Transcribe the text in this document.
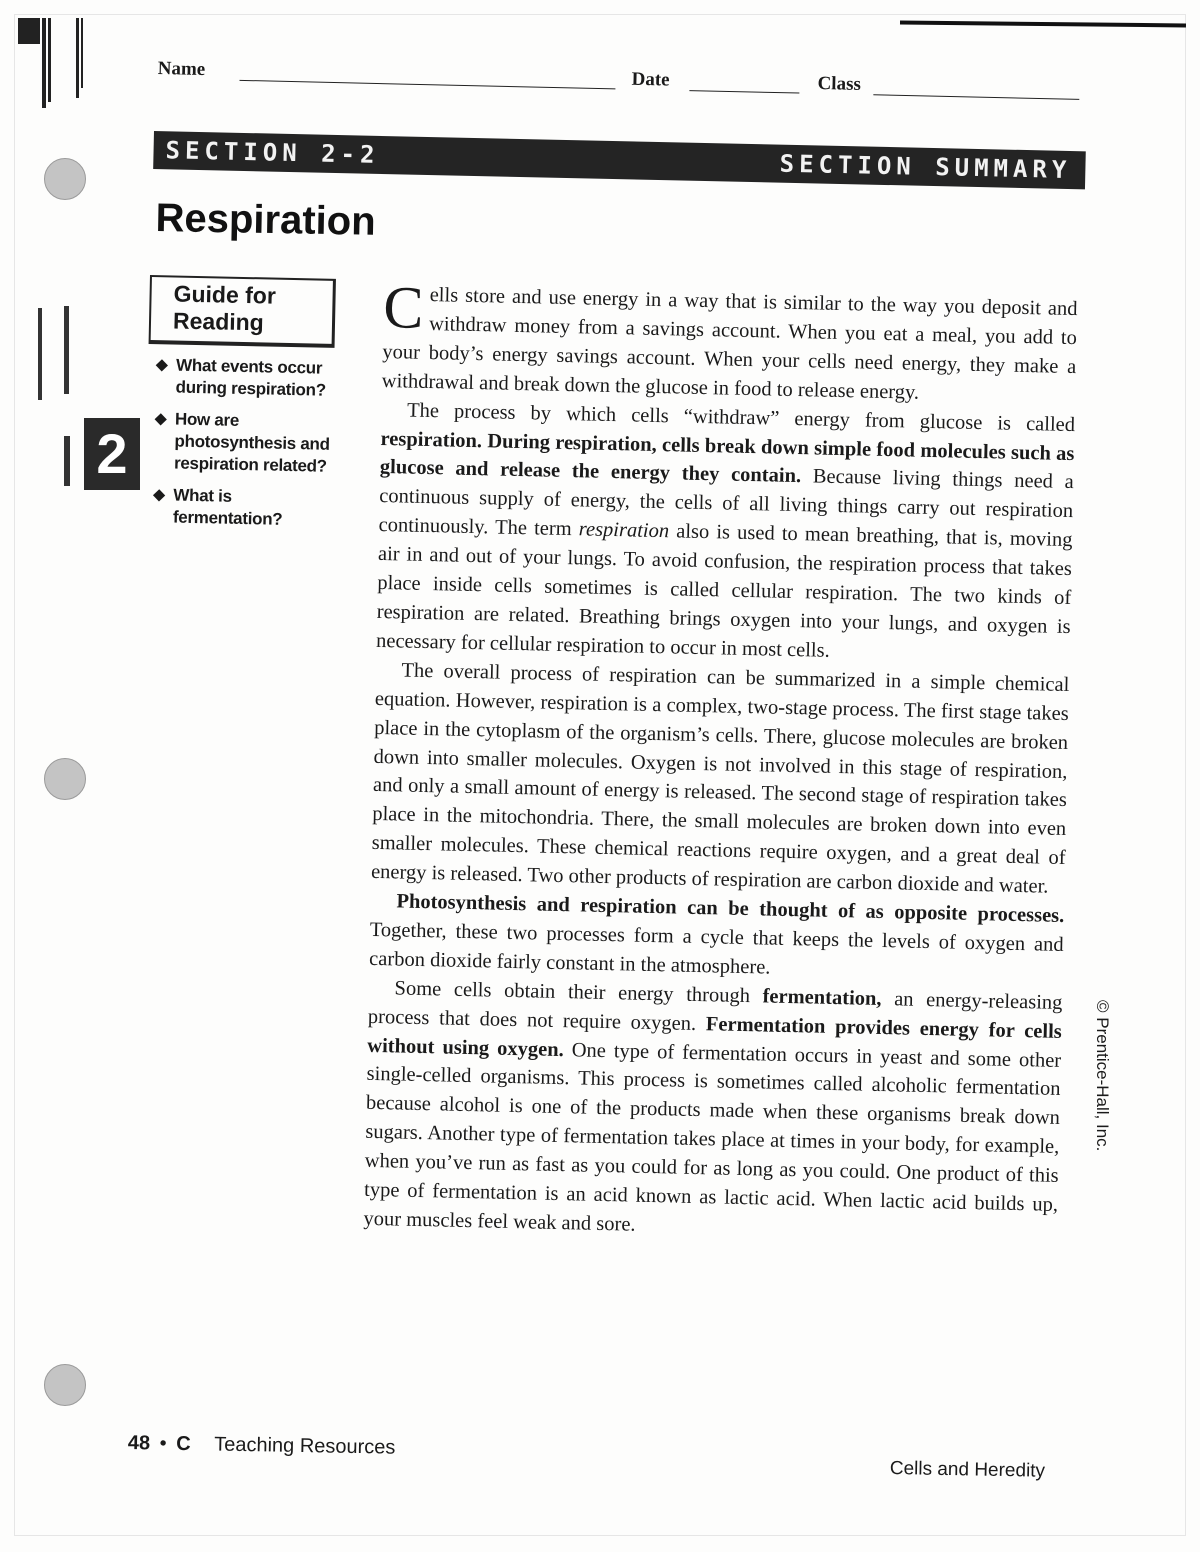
2
Name	Date	Class
SECTION 2-2	SECTION SUMMARY
Respiration
Guide for Reading
◆ What events occur during respiration?
◆ How are photosynthesis and respiration related?
◆ What is fermentation?

Cells store and use energy in a way that is similar to the way you deposit and withdraw money from a savings account. When you eat a meal, you add to your body’s energy savings account. When your cells need energy, they make a withdrawal and break down the glucose in food to release energy.

The process by which cells “withdraw” energy from glucose is called respiration. During respiration, cells break down simple food molecules such as glucose and release the energy they contain. Because living things need a continuous supply of energy, the cells of all living things carry out respiration continuously. The term respiration also is used to mean breathing, that is, moving air in and out of your lungs. To avoid confusion, the respiration process that takes place inside cells sometimes is called cellular respiration. The two kinds of respiration are related. Breathing brings oxygen into your lungs, and oxygen is necessary for cellular respiration to occur in most cells.

The overall process of respiration can be summarized in a simple chemical equation. However, respiration is a complex, two-stage process. The first stage takes place in the cytoplasm of the organism’s cells. There, glucose molecules are broken down into smaller molecules. Oxygen is not involved in this stage of respiration, and only a small amount of energy is released. The second stage of respiration takes place in the mitochondria. There, the small molecules are broken down into even smaller molecules. These chemical reactions require oxygen, and a great deal of energy is released. Two other products of respiration are carbon dioxide and water.

Photosynthesis and respiration can be thought of as opposite processes. Together, these two processes form a cycle that keeps the levels of oxygen and carbon dioxide fairly constant in the atmosphere.

Some cells obtain their energy through fermentation, an energy-releasing process that does not require oxygen. Fermentation provides energy for cells without using oxygen. One type of fermentation occurs in yeast and some other single-celled organisms. This process is sometimes called alcoholic fermentation because alcohol is one of the products made when these organisms break down sugars. Another type of fermentation takes place at times in your body, for example, when you’ve run as fast as you could for as long as you could. One product of this type of fermentation is an acid known as lactic acid. When lactic acid builds up, your muscles feel weak and sore.

© Prentice-Hall, Inc.
48 • C Teaching Resources
Cells and Heredity
